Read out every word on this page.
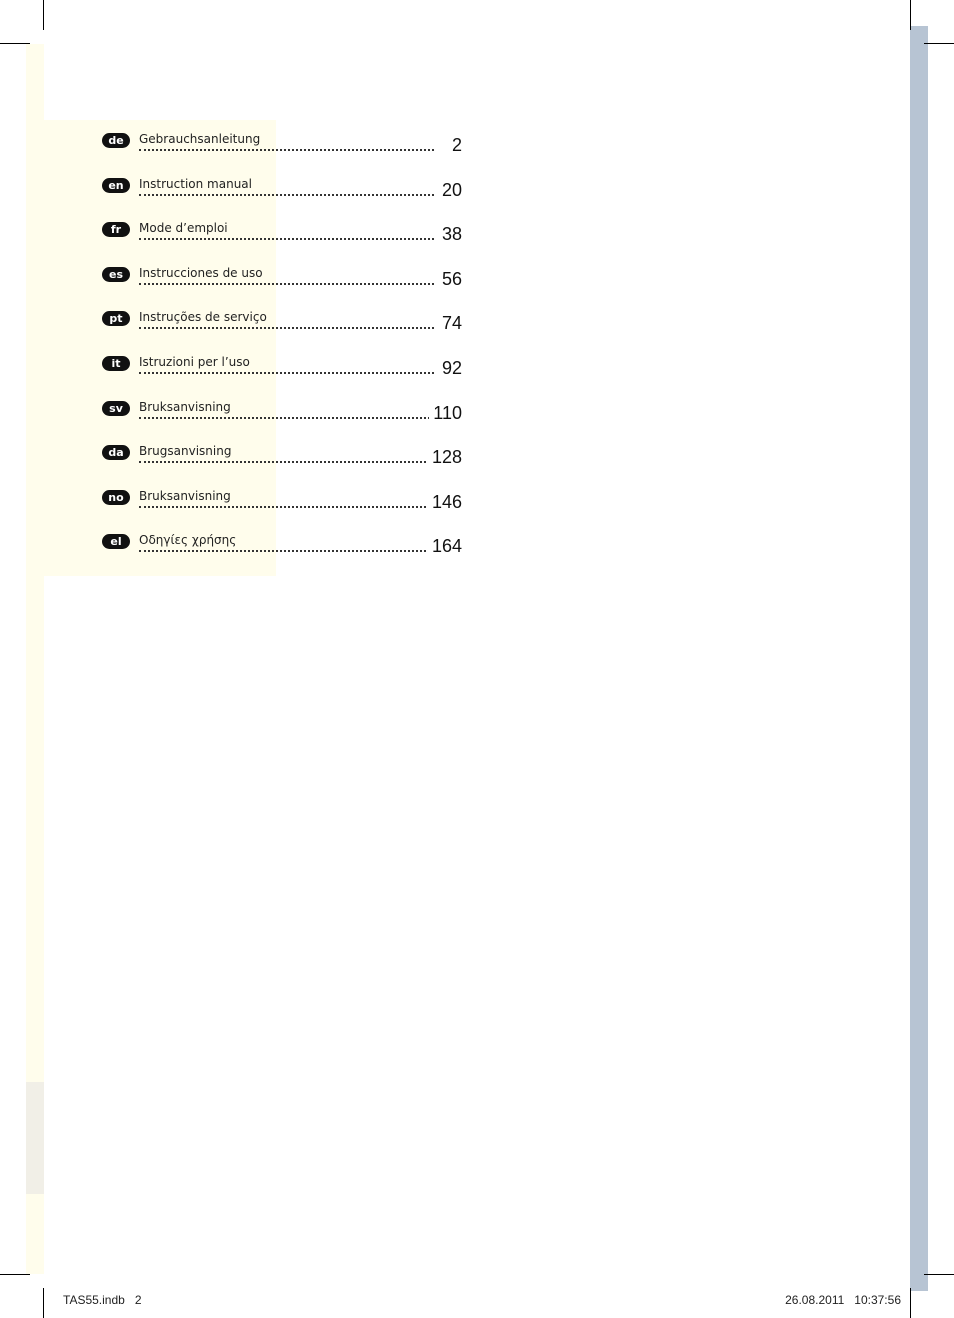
de	Gebrauchsanleitung	2
en	Instruction manual	20
fr	Mode d’emploi	38
es	Instrucciones de uso	56
pt	Instruções de serviço	74
it	Istruzioni per l’uso	92
sv	Bruksanvisning	110
da	Brugsanvisning	128
no	Bruksanvisning	146
el	Οδηγίες χρήσης	164
TAS55.indb   2	26.08.2011   10:37:56
